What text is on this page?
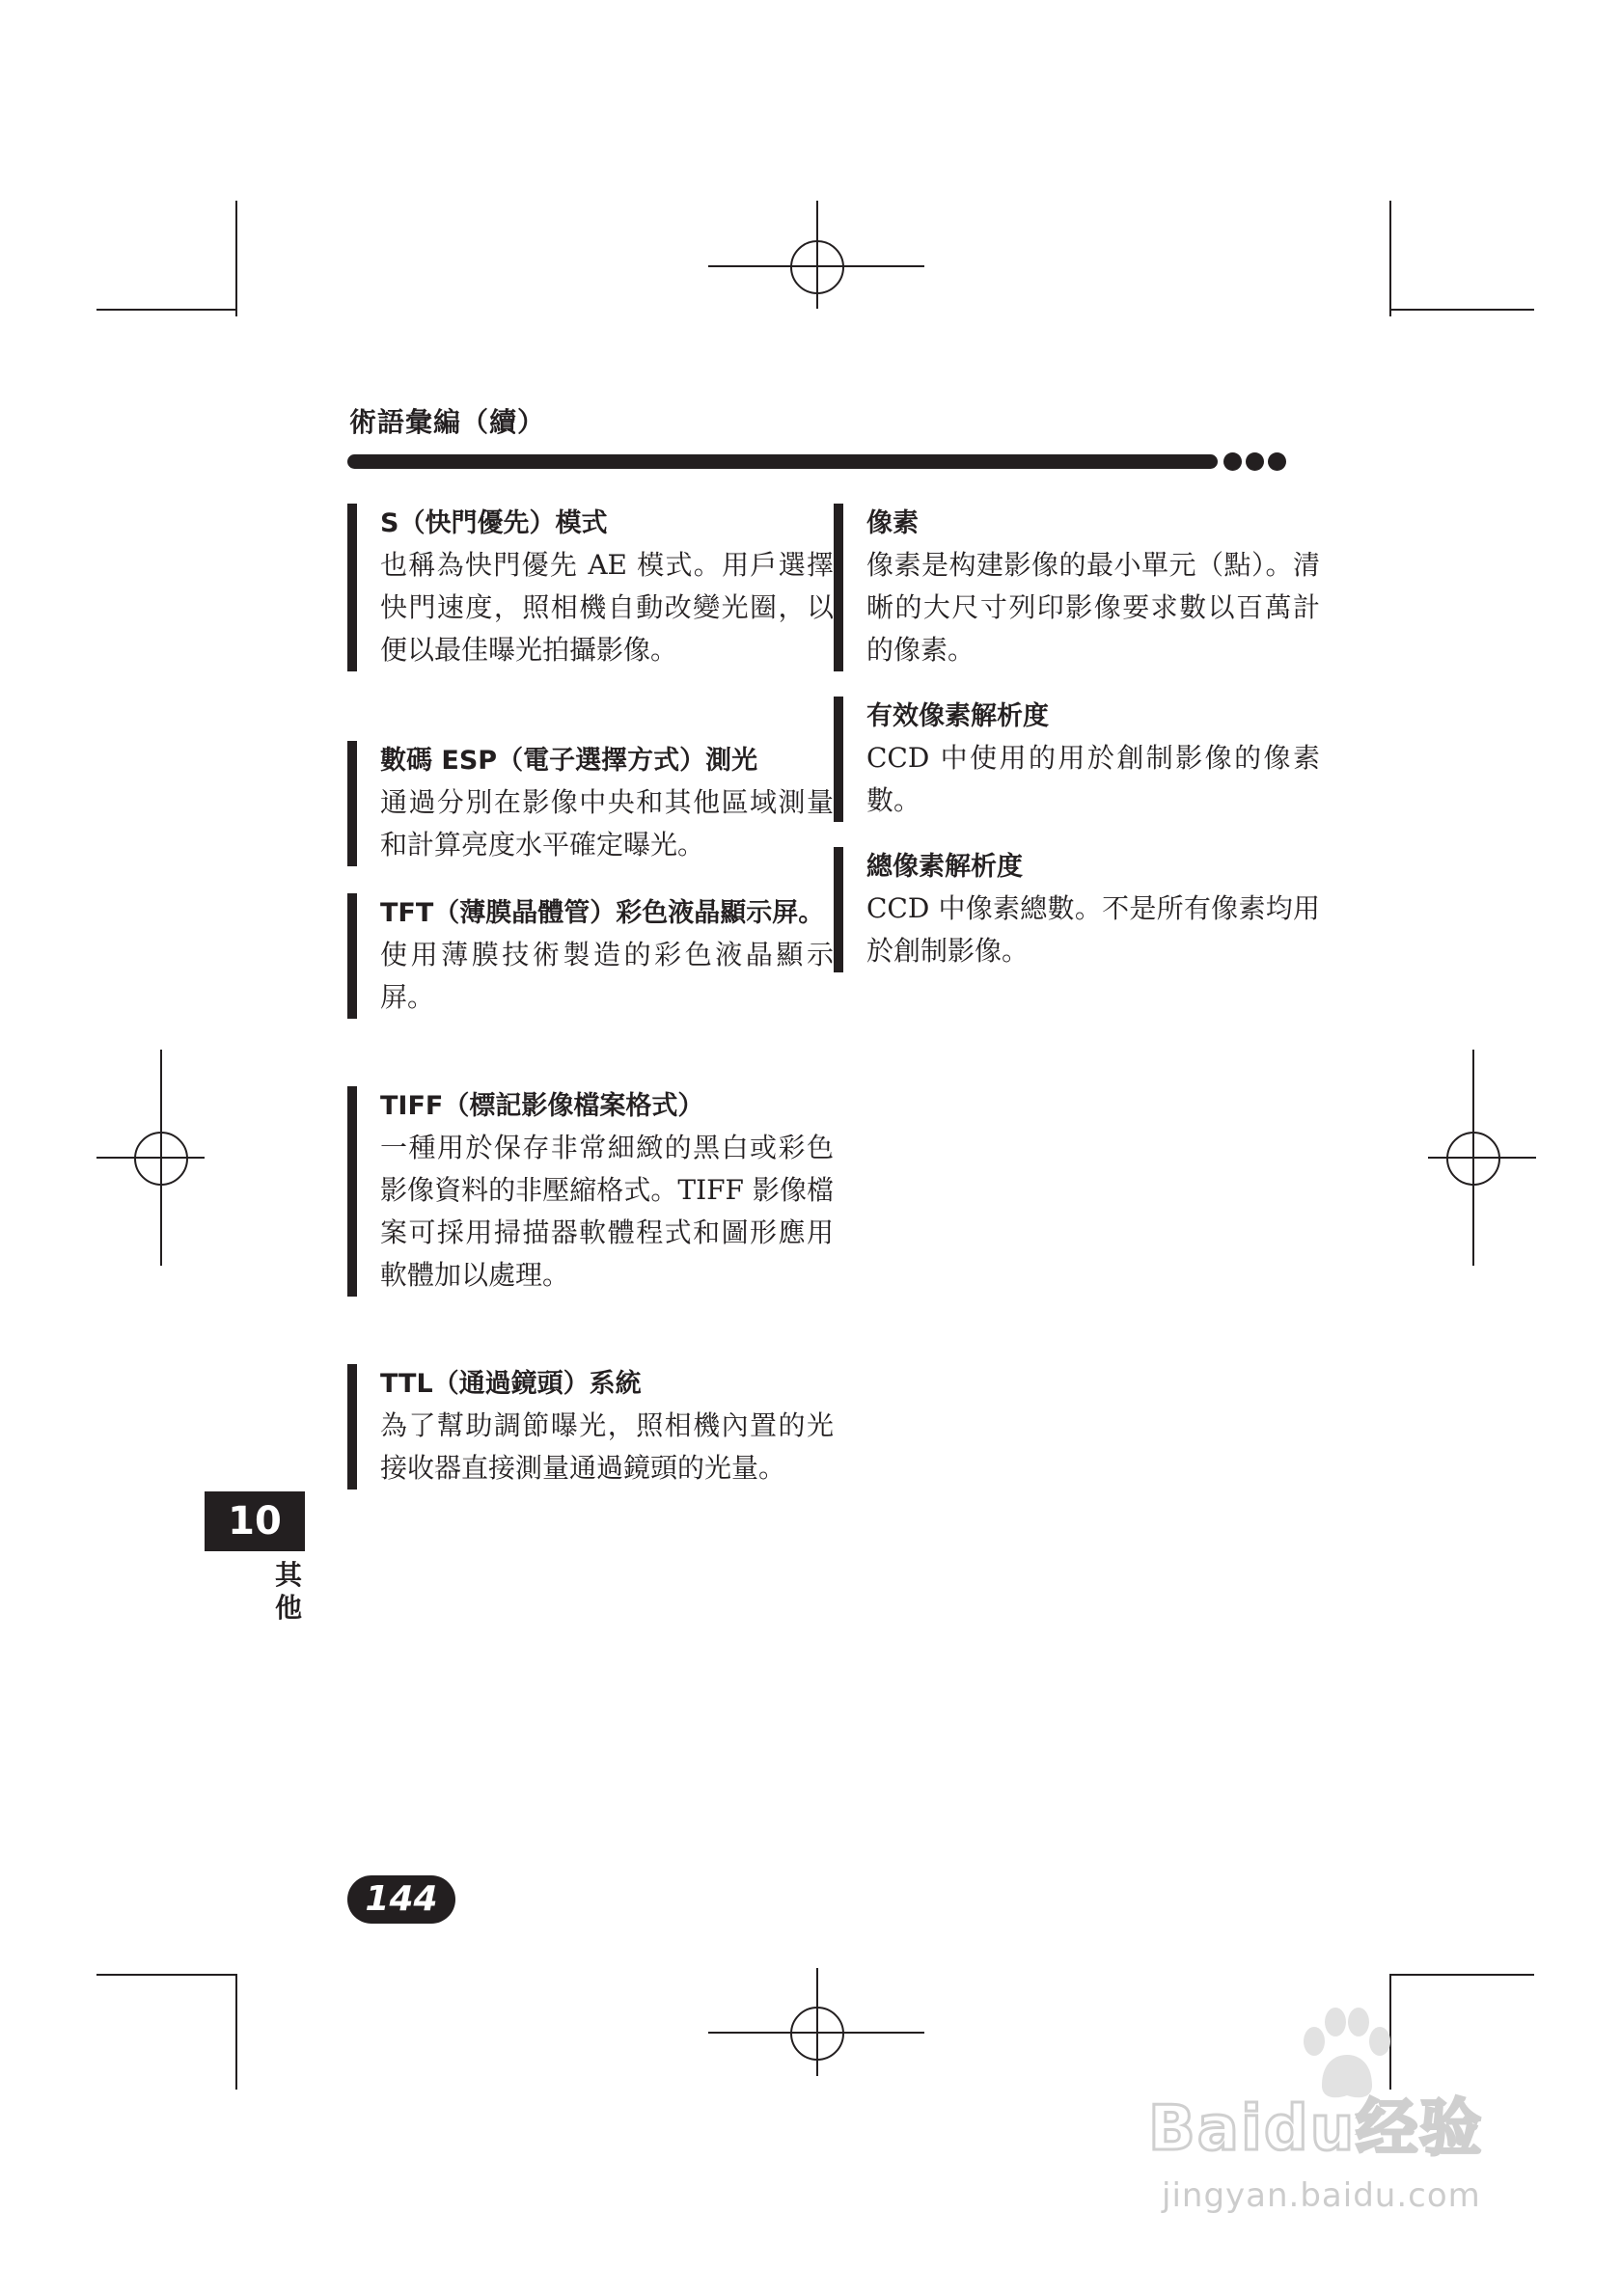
術語彙編（續）
S（快門優先）模式

也稱為快門優先 AE 模式。用戶選擇快門速度，照相機自動改變光圈，以便以最佳曝光拍攝影像。

數碼 ESP（電子選擇方式）測光

通過分別在影像中央和其他區域測量和計算亮度水平確定曝光。

TFT（薄膜晶體管）彩色液晶顯示屏。

使用薄膜技術製造的彩色液晶顯示屏。

TIFF（標記影像檔案格式）

一種用於保存非常細緻的黑白或彩色影像資料的非壓縮格式。TIFF 影像檔案可採用掃描器軟體程式和圖形應用軟體加以處理。

TTL（通過鏡頭）系統

為了幫助調節曝光，照相機內置的光接收器直接測量通過鏡頭的光量。

像素

像素是构建影像的最小單元（點）。清晰的大尺寸列印影像要求數以百萬計的像素。

有效像素解析度

CCD 中使用的用於創制影像的像素數。

總像素解析度

CCD 中像素總數。不是所有像素均用於創制影像。

10
其他
144
Baidu经验
jingyan.baidu.com
